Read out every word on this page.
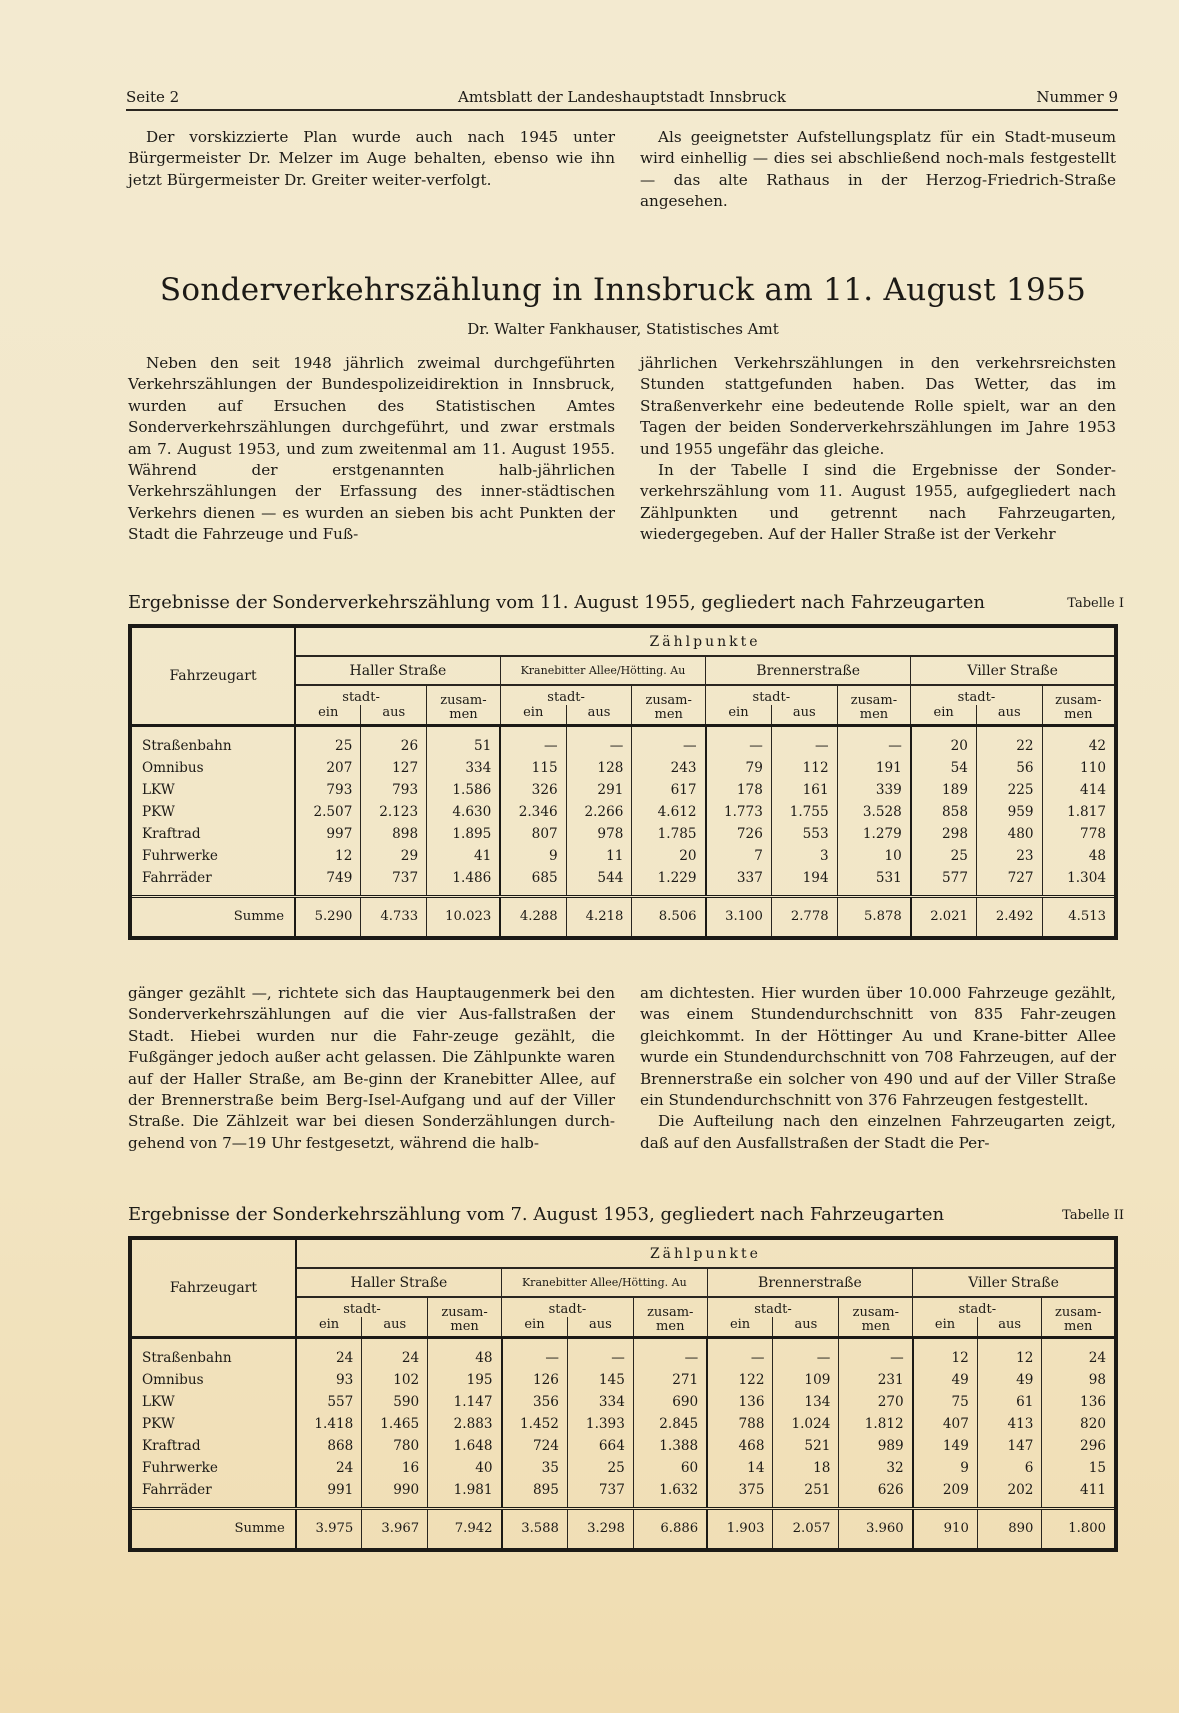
Seite 2	Amtsblatt der Landeshauptstadt Innsbruck	Nummer 9

Der vorskizzierte Plan wurde auch nach 1945 unter Bürgermeister Dr. Melzer im Auge behalten, ebenso wie ihn jetzt Bürgermeister Dr. Greiter weiter-verfolgt.

Als geeignetster Aufstellungsplatz für ein Stadt-museum wird einhellig — dies sei abschließend noch-mals festgestellt — das alte Rathaus in der Herzog-Friedrich-Straße angesehen.

Sonderverkehrszählung in Innsbruck am 11. August 1955
Dr. Walter Fankhauser, Statistisches Amt

Neben den seit 1948 jährlich zweimal durchgeführten Verkehrszählungen der Bundespolizeidirektion in Innsbruck, wurden auf Ersuchen des Statistischen Amtes Sonderverkehrszählungen durchgeführt, und zwar erstmals am 7. August 1953, und zum zweitenmal am 11. August 1955. Während der erstgenannten halb-jährlichen Verkehrszählungen der Erfassung des inner-städtischen Verkehrs dienen — es wurden an sieben bis acht Punkten der Stadt die Fahrzeuge und Fuß-

jährlichen Verkehrszählungen in den verkehrsreichsten Stunden stattgefunden haben. Das Wetter, das im Straßenverkehr eine bedeutende Rolle spielt, war an den Tagen der beiden Sonderverkehrszählungen im Jahre 1953 und 1955 ungefähr das gleiche.

In der Tabelle I sind die Ergebnisse der Sonder-verkehrszählung vom 11. August 1955, aufgegliedert nach Zählpunkten und getrennt nach Fahrzeugarten, wiedergegeben. Auf der Haller Straße ist der Verkehr

Ergebnisse der Sonderverkehrszählung vom 11. August 1955, gegliedert nach Fahrzeugarten	Tabelle I
Fahrzeugart	Zählpunkte											
	Haller Straße			Kranebitter Allee/Hötting. Au			Brennerstraße			Viller Straße		
	stadt-		zusam-
men	stadt-		zusam-
men	stadt-		zusam-
men	stadt-		zusam-
men
	ein	aus		ein	aus		ein	aus		ein	aus	
Straßenbahn	25	26	51	—	—	—	—	—	—	20	22	42
Omnibus	207	127	334	115	128	243	79	112	191	54	56	110
LKW	793	793	1.586	326	291	617	178	161	339	189	225	414
PKW	2.507	2.123	4.630	2.346	2.266	4.612	1.773	1.755	3.528	858	959	1.817
Kraftrad	997	898	1.895	807	978	1.785	726	553	1.279	298	480	778
Fuhrwerke	12	29	41	9	11	20	7	3	10	25	23	48
Fahrräder	749	737	1.486	685	544	1.229	337	194	531	577	727	1.304
Summe	5.290	4.733	10.023	4.288	4.218	8.506	3.100	2.778	5.878	2.021	2.492	4.513

gänger gezählt —, richtete sich das Hauptaugenmerk bei den Sonderverkehrszählungen auf die vier Aus-fallstraßen der Stadt. Hiebei wurden nur die Fahr-zeuge gezählt, die Fußgänger jedoch außer acht gelassen. Die Zählpunkte waren auf der Haller Straße, am Be-ginn der Kranebitter Allee, auf der Brennerstraße beim Berg-Isel-Aufgang und auf der Viller Straße. Die Zählzeit war bei diesen Sonderzählungen durch-gehend von 7—19 Uhr festgesetzt, während die halb-

am dichtesten. Hier wurden über 10.000 Fahrzeuge gezählt, was einem Stundendurchschnitt von 835 Fahr-zeugen gleichkommt. In der Höttinger Au und Krane-bitter Allee wurde ein Stundendurchschnitt von 708 Fahrzeugen, auf der Brennerstraße ein solcher von 490 und auf der Viller Straße ein Stundendurchschnitt von 376 Fahrzeugen festgestellt.

Die Aufteilung nach den einzelnen Fahrzeugarten zeigt, daß auf den Ausfallstraßen der Stadt die Per-

Ergebnisse der Sonderkehrszählung vom 7. August 1953, gegliedert nach Fahrzeugarten	Tabelle II
Fahrzeugart	Zählpunkte											
	Haller Straße			Kranebitter Allee/Hötting. Au			Brennerstraße			Viller Straße		
	stadt-		zusam-
men	stadt-		zusam-
men	stadt-		zusam-
men	stadt-		zusam-
men
	ein	aus		ein	aus		ein	aus		ein	aus	
Straßenbahn	24	24	48	—	—	—	—	—	—	12	12	24
Omnibus	93	102	195	126	145	271	122	109	231	49	49	98
LKW	557	590	1.147	356	334	690	136	134	270	75	61	136
PKW	1.418	1.465	2.883	1.452	1.393	2.845	788	1.024	1.812	407	413	820
Kraftrad	868	780	1.648	724	664	1.388	468	521	989	149	147	296
Fuhrwerke	24	16	40	35	25	60	14	18	32	9	6	15
Fahrräder	991	990	1.981	895	737	1.632	375	251	626	209	202	411
Summe	3.975	3.967	7.942	3.588	3.298	6.886	1.903	2.057	3.960	910	890	1.800
